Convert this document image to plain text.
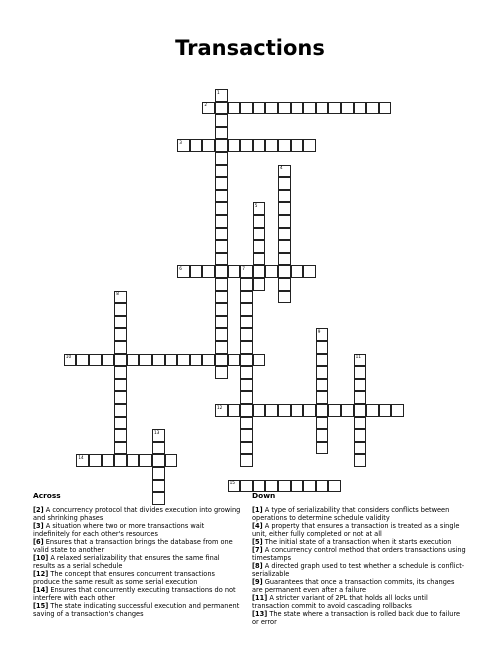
Transactions
1
2
3
4
5
6	7
8
9
10	11
12
13
14
15
Across

[2] A concurrency protocol that divides execution into growing and shrinking phases

[3] A situation where two or more transactions wait indefinitely for each other's resources

[6] Ensures that a transaction brings the database from one valid state to another

[10] A relaxed serializability that ensures the same final results as a serial schedule

[12] The concept that ensures concurrent transactions produce the same result as some serial execution

[14] Ensures that concurrently executing transactions do not interfere with each other

[15] The state indicating successful execution and permanent saving of a transaction's changes

Down

[1] A type of serializability that considers conflicts between operations to determine schedule validity

[4] A property that ensures a transaction is treated as a single unit, either fully completed or not at all

[5] The initial state of a transaction when it starts execution

[7] A concurrency control method that orders transactions using timestamps

[8] A directed graph used to test whether a schedule is conflict-serializable

[9] Guarantees that once a transaction commits, its changes are permanent even after a failure

[11] A stricter variant of 2PL that holds all locks until transaction commit to avoid cascading rollbacks

[13] The state where a transaction is rolled back due to failure or error
